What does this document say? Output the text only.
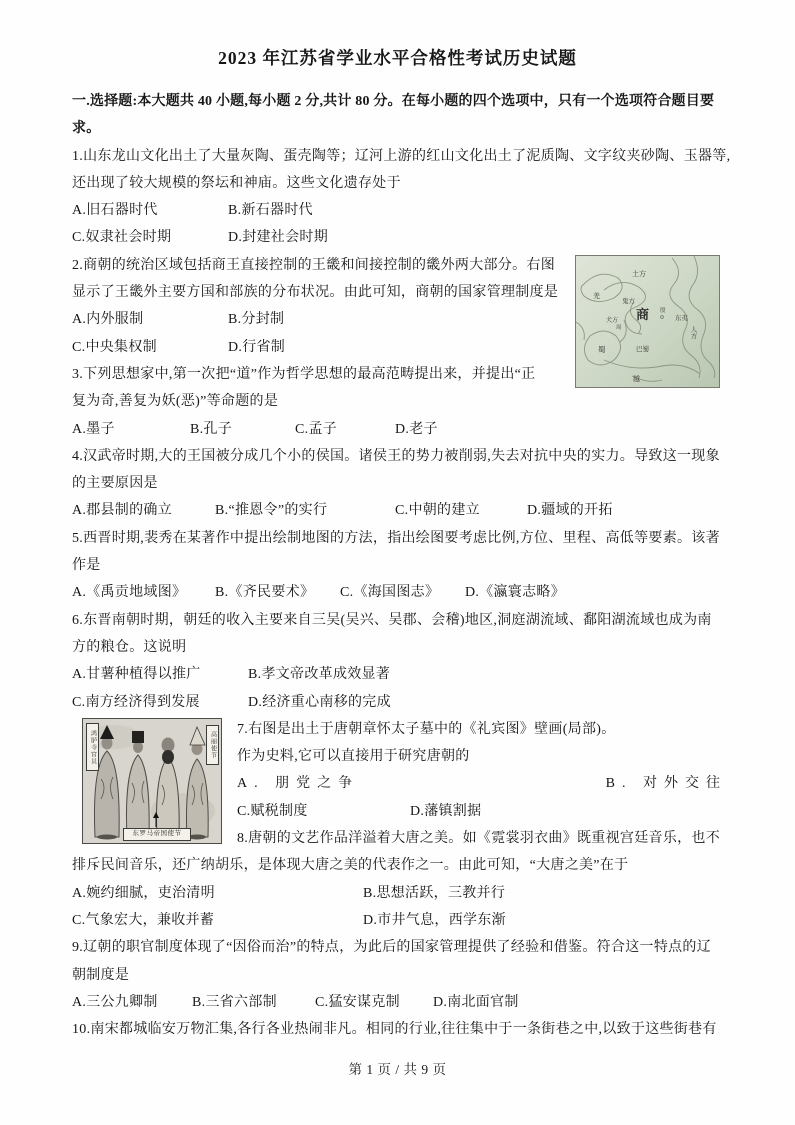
2023 年江苏省学业水平合格性考试历史试题
一.选择题:本大题共 40 小题,每小题 2 分,共计 80 分。在每小题的四个选项中，只有一个选项符合题目要
求。
1.山东龙山文化出土了大量灰陶、蛋壳陶等；辽河上游的红山文化出土了泥质陶、文字纹夹砂陶、玉器等,
还出现了较大规模的祭坛和神庙。这些文化遗存处于
A.旧石器时代	B.新石器时代
C.奴隶社会时期	D.封建社会时期
2.商朝的统治区域包括商王直接控制的王畿和间接控制的畿外两大部分。右图
显示了王畿外主要方国和部族的分布状况。由此可知，商朝的国家管理制度是
A.内外服制	B.分封制
C.中央集权制	D.行省制
3.下列思想家中,第一次把“道”作为哲学思想的最高范畴提出来，并提出“正
复为奇,善复为妖(恶)”等命题的是
A.墨子	B.孔子	C.孟子	D.老子
4.汉武帝时期,大的王国被分成几个小的侯国。诸侯王的势力被削弱,失去对抗中央的实力。导致这一现象
的主要原因是
A.郡县制的确立	B.“推恩令”的实行	C.中朝的建立	D.疆域的开拓
5.西晋时期,裴秀在某著作中提出绘制地图的方法，指出绘图要考虑比例,方位、里程、高低等要素。该著
作是
A.《禹贡地域图》 B.《齐民要术》 C.《海国图志》 D.《瀛寰志略》
6.东晋南朝时期，朝廷的收入主要来自三吴(吴兴、吴郡、会稽)地区,洞庭湖流域、鄱阳湖流域也成为南
方的粮仓。这说明
A.甘薯种植得以推广	B.孝文帝改革成效显著
C.南方经济得到发展	D.经济重心南移的完成
7.右图是出土于唐朝章怀太子墓中的《礼宾图》壁画(局部)。
作为史料,它可以直接用于研究唐朝的
A. 朋党之争	B. 对外交往
C.赋税制度	D.藩镇割据
8.唐朝的文艺作品洋溢着大唐之美。如《霓裳羽衣曲》既重视宫廷音乐，也不
排斥民间音乐，还广纳胡乐，是体现大唐之美的代表作之一。由此可知，“大唐之美”在于
A.婉约细腻，吏治清明	B.思想活跃，三教并行
C.气象宏大，兼收并蓄	D.市井气息，西学东渐
9.辽朝的职官制度体现了“因俗而治”的特点，为此后的国家管理提供了经验和借鉴。符合这一特点的辽
朝制度是
A.三公九卿制 B.三省六部制	C.猛安谋克制 D.南北面官制
10.南宋都城临安万物汇集,各行各业热闹非凡。相同的行业,往往集中于一条街巷之中,以致于这些街巷有
土方
羌
鬼方
商 殷
东夷
人方
犬方
周
蜀	巴蜀
越
鸿胪寺官员	高丽使节
东罗马帝国使节
第 1 页 / 共 9 页
